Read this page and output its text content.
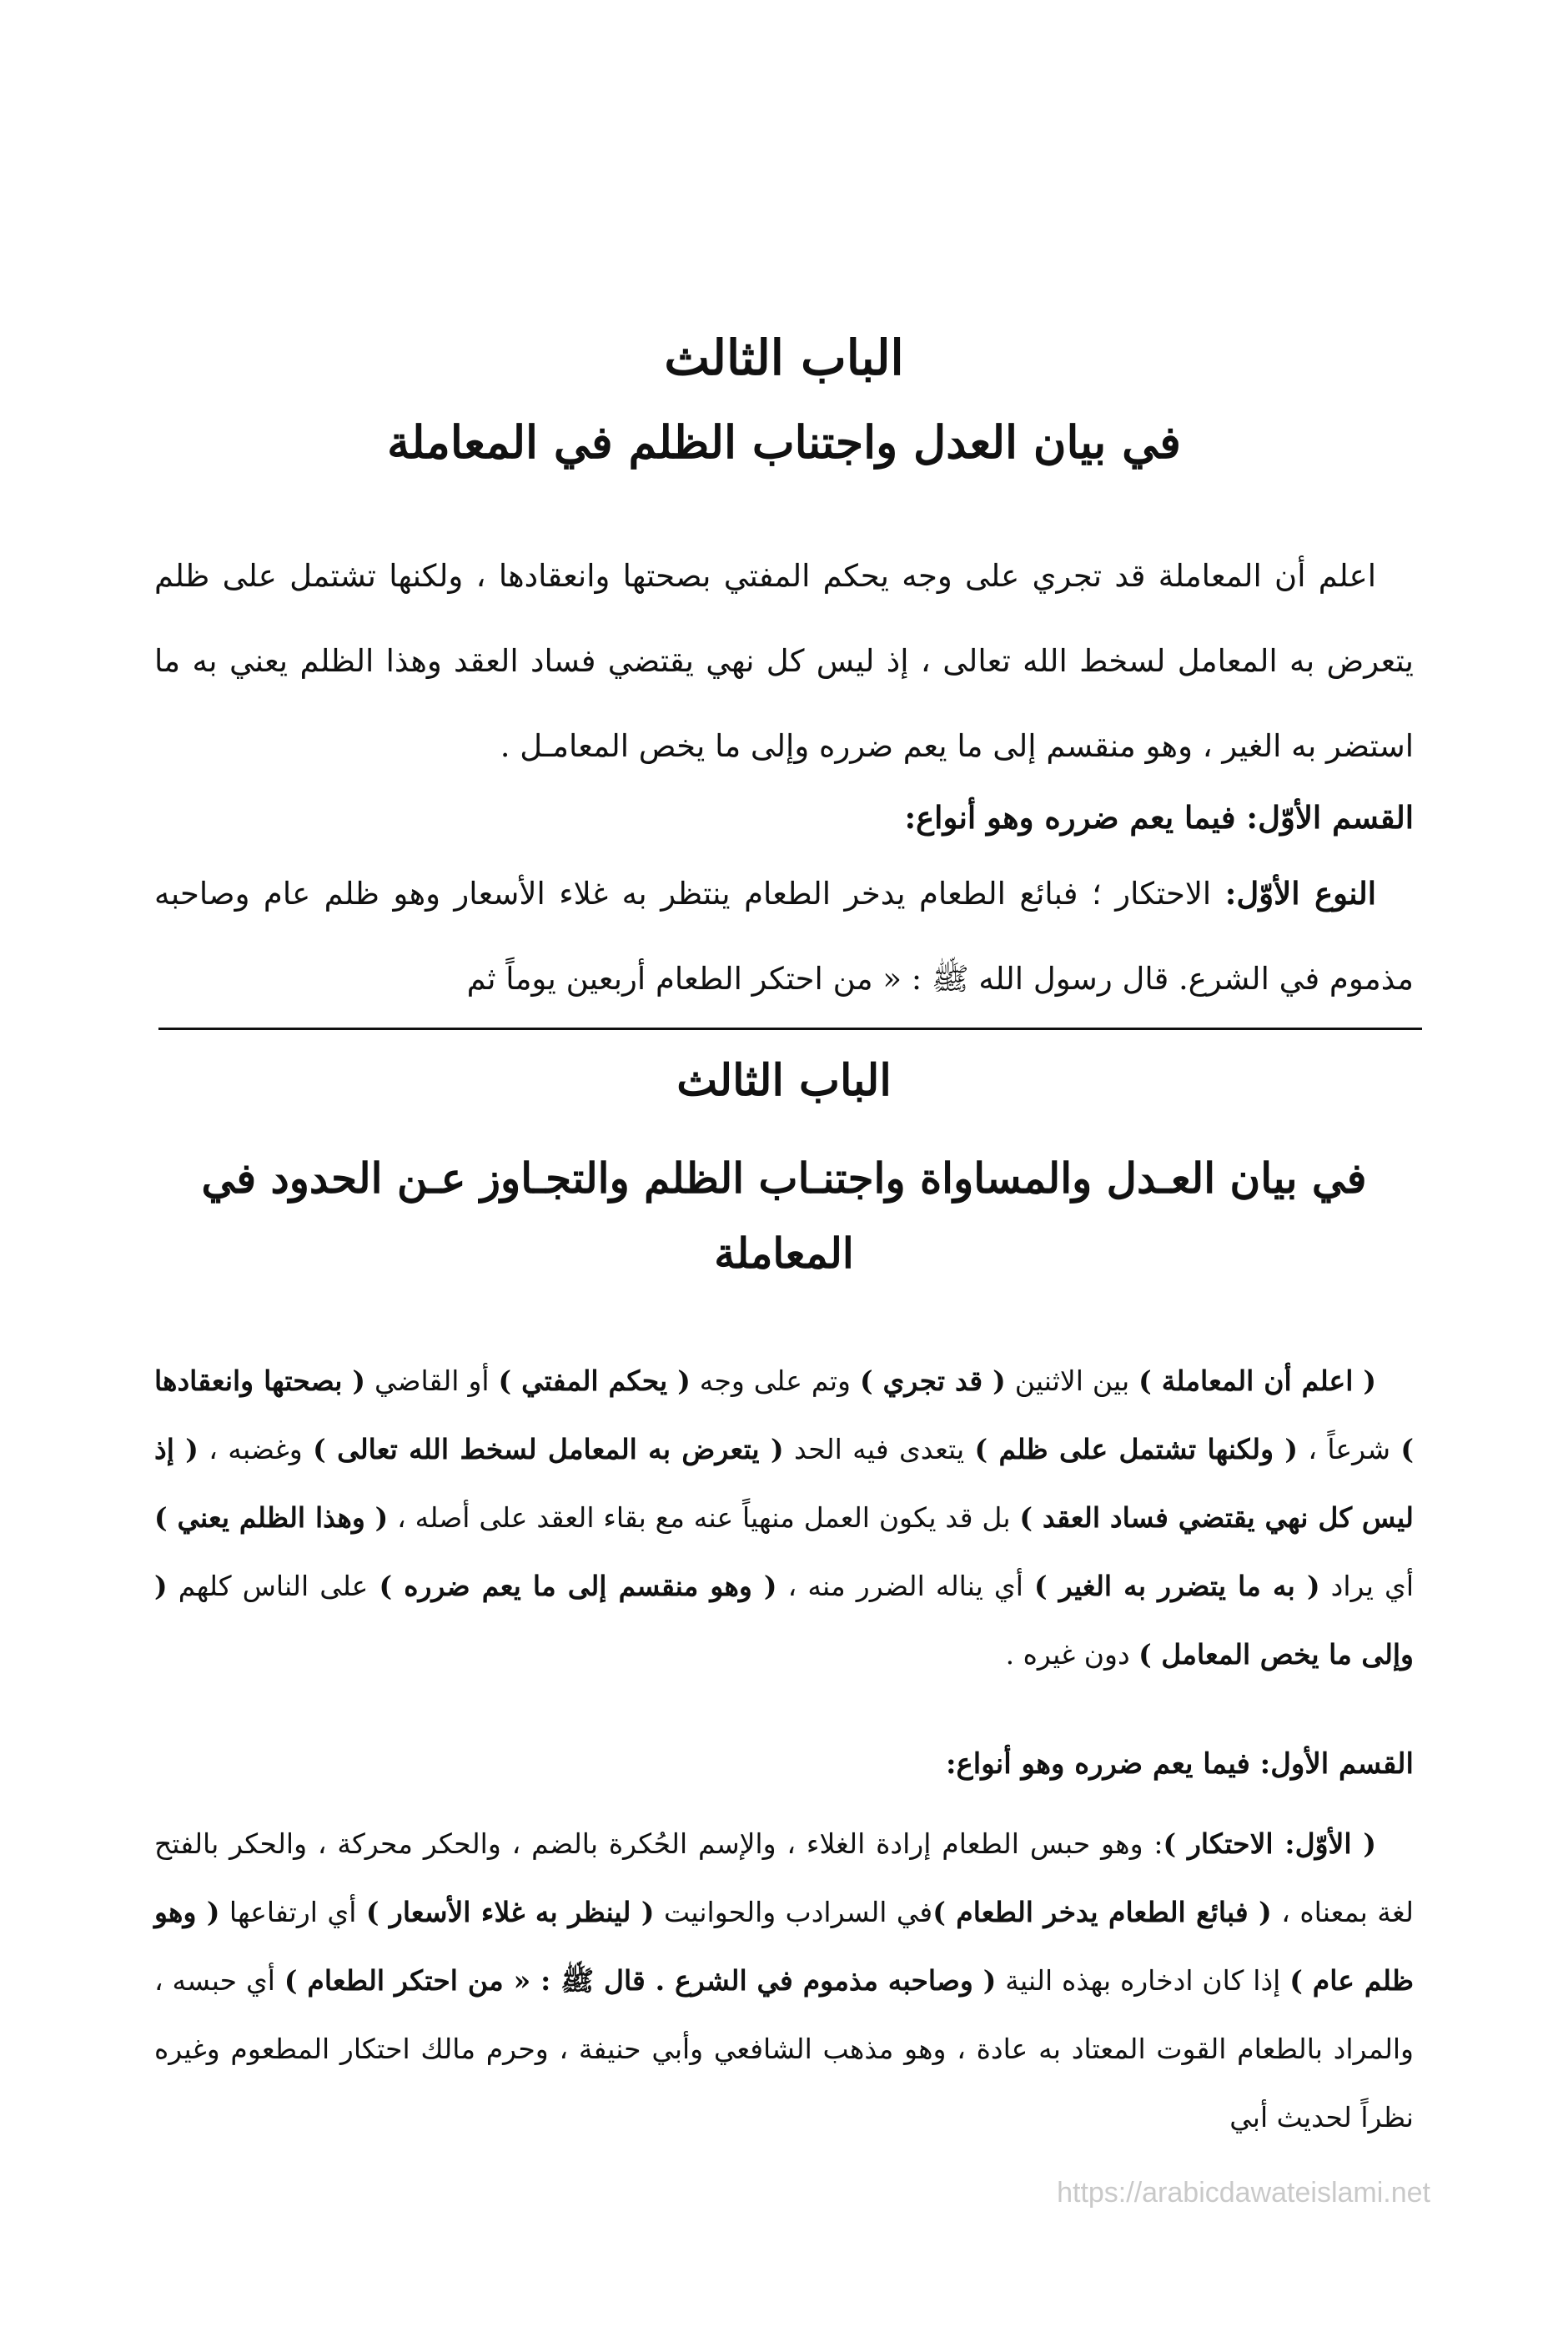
الباب الثالث
في بيان العدل واجتناب الظلم في المعاملة
اعلم أن المعاملة قد تجري على وجه يحكم المفتي بصحتها وانعقادها ، ولكنها تشتمل على ظلم يتعرض به المعامل لسخط الله تعالى ، إذ ليس كل نهي يقتضي فساد العقد وهذا الظلم يعني به ما استضر به الغير ، وهو منقسم إلى ما يعم ضرره وإلى ما يخص المعامـل .
القسم الأوّل: فيما يعم ضرره وهو أنواع:
النوع الأوّل: الاحتكار ؛ فبائع الطعام يدخر الطعام ينتظر به غلاء الأسعار وهو ظلم عام وصاحبه مذموم في الشرع. قال رسول الله ﷺ : « من احتكر الطعام أربعين يوماً ثم
الباب الثالث
في بيان العـدل والمساواة واجتنـاب الظلم والتجـاوز عـن الحدود في المعاملة
( اعلم أن المعاملة ) بين الاثنين ( قد تجري ) وتم على وجه ( يحكم المفتي ) أو القاضي ( بصحتها وانعقادها ) شرعاً ، ( ولكنها تشتمل على ظلم ) يتعدى فيه الحد ( يتعرض به المعامل لسخط الله تعالى ) وغضبه ، ( إذ ليس كل نهي يقتضي فساد العقد ) بل قد يكون العمل منهياً عنه مع بقاء العقد على أصله ، ( وهذا الظلم يعني ) أي يراد ( به ما يتضرر به الغير ) أي يناله الضرر منه ، ( وهو منقسم إلى ما يعم ضرره ) على الناس كلهم ( وإلى ما يخص المعامل ) دون غيره .
القسم الأول: فيما يعم ضرره وهو أنواع:
( الأوّل: الاحتكار ): وهو حبس الطعام إرادة الغلاء ، والإسم الحُكرة بالضم ، والحكر محركة ، والحكر بالفتح لغة بمعناه ، ( فبائع الطعام يدخر الطعام )في السرادب والحوانيت ( لينظر به غلاء الأسعار ) أي ارتفاعها ( وهو ظلم عام ) إذا كان ادخاره بهذه النية ( وصاحبه مذموم في الشرع . قال ﷺ : « من احتكر الطعام ) أي حبسه ، والمراد بالطعام القوت المعتاد به عادة ، وهو مذهب الشافعي وأبي حنيفة ، وحرم مالك احتكار المطعوم وغيره نظراً لحديث أبي
https://arabicdawateislami.net
